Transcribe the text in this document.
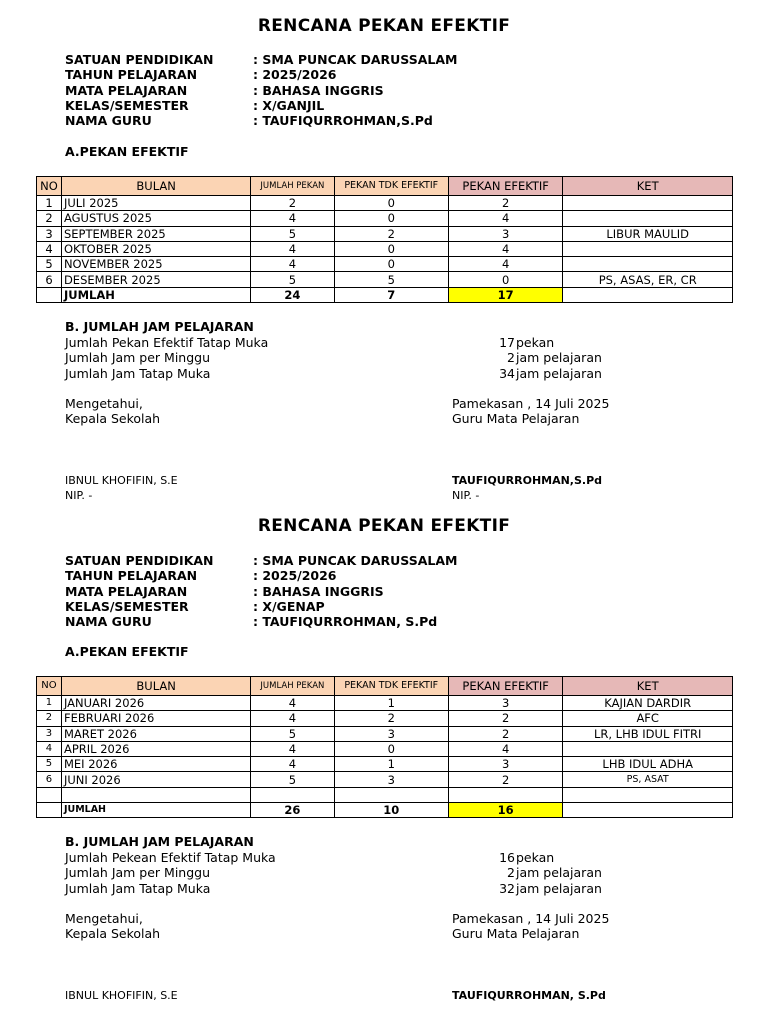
RENCANA PEKAN EFEKTIF
SATUAN PENDIDIKAN	: SMA PUNCAK DARUSSALAM
TAHUN PELAJARAN	: 2025/2026
MATA PELAJARAN	: BAHASA INGGRIS
KELAS/SEMESTER	: X/GANJIL
NAMA GURU	: TAUFIQURROHMAN,S.Pd
A.PEKAN EFEKTIF
NO	BULAN	JUMLAH PEKAN	PEKAN TDK EFEKTIF	PEKAN EFEKTIF	KET
1	JULI 2025	2	0	2	
2	AGUSTUS 2025	4	0	4	
3	SEPTEMBER 2025	5	2	3	LIBUR MAULID
4	OKTOBER 2025	4	0	4	
5	NOVEMBER 2025	4	0	4	
6	DESEMBER 2025	5	5	0	PS, ASAS, ER, CR
	JUMLAH	24	7	17	
B. JUMLAH JAM PELAJARAN
Jumlah Pekan Efektif Tatap Muka	17 pekan
Jumlah Jam per Minggu	2 jam pelajaran
Jumlah Jam Tatap Muka	34 jam pelajaran
Mengetahui,
Kepala Sekolah
Pamekasan , 14 Juli 2025
Guru Mata Pelajaran
IBNUL KHOFIFIN, S.E
NIP. -
TAUFIQURROHMAN,S.Pd
NIP. -
RENCANA PEKAN EFEKTIF
SATUAN PENDIDIKAN	: SMA PUNCAK DARUSSALAM
TAHUN PELAJARAN	: 2025/2026
MATA PELAJARAN	: BAHASA INGGRIS
KELAS/SEMESTER	: X/GENAP
NAMA GURU	: TAUFIQURROHMAN, S.Pd
A.PEKAN EFEKTIF
NO	BULAN	JUMLAH PEKAN	PEKAN TDK EFEKTIF	PEKAN EFEKTIF	KET
1	JANUARI 2026	4	1	3	KAJIAN DARDIR
2	FEBRUARI 2026	4	2	2	AFC
3	MARET 2026	5	3	2	LR, LHB IDUL FITRI
4	APRIL 2026	4	0	4	
5	MEI 2026	4	1	3	LHB IDUL ADHA
6	JUNI 2026	5	3	2	PS, ASAT

	JUMLAH	26	10	16	
B. JUMLAH JAM PELAJARAN
Jumlah Pekean Efektif Tatap Muka	16 pekan
Jumlah Jam per Minggu	2 jam pelajaran
Jumlah Jam Tatap Muka	32 jam pelajaran
Mengetahui,
Kepala Sekolah
Pamekasan , 14 Juli 2025
Guru Mata Pelajaran
IBNUL KHOFIFIN, S.E	TAUFIQURROHMAN, S.Pd
